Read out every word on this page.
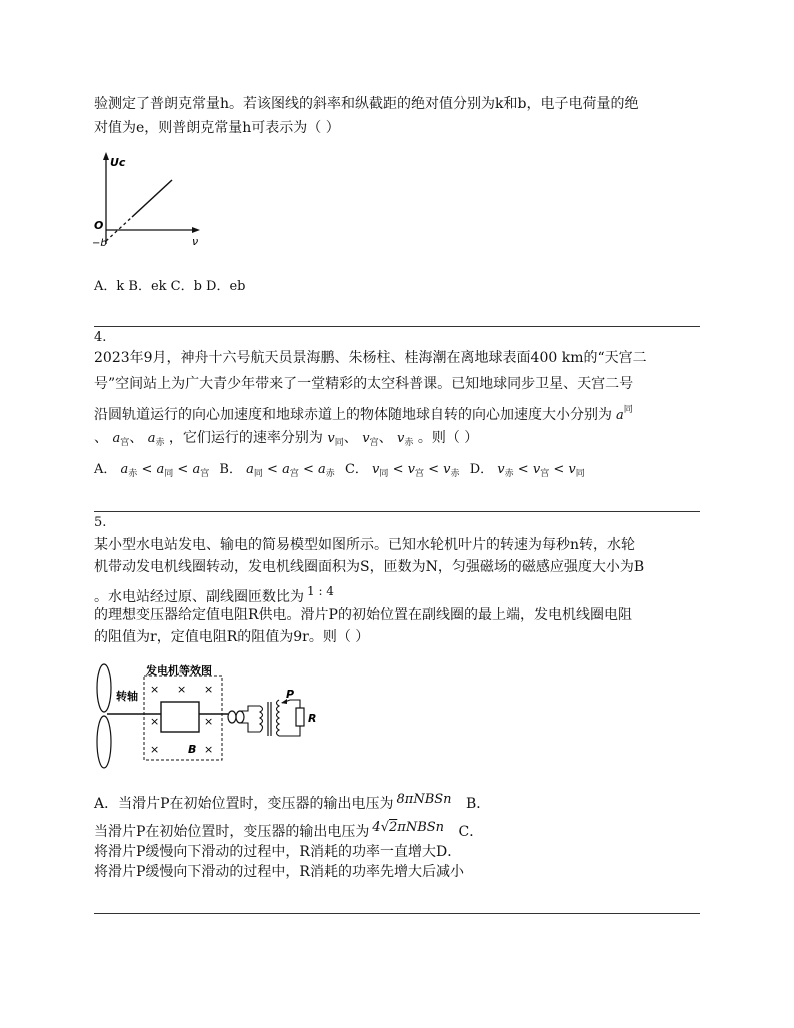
验测定了普朗克常量h。若该图线的斜率和纵截距的绝对值分别为k和b，电子电荷量的绝
对值为e，则普朗克常量h可表示为（ ）
Uc
ν
O
−b
A．k B．ek C．b D．eb
4.
2023年9月，神舟十六号航天员景海鹏、朱杨柱、桂海潮在离地球表面400 km的“天宫二
号”空间站上为广大青少年带来了一堂精彩的太空科普课。已知地球同步卫星、天宫二号
沿圆轨道运行的向心加速度和地球赤道上的物体随地球自转的向心加速度大小分别为 $a^同$
、 $a_宫$、 $a_赤$ ，它们运行的速率分别为 $v_同$、 $v_宫$、 $v_赤$ 。则（ ）
A． $a_赤 < a_同 < a_宫$ B． $a_同 < a_宫 < a_赤$ C． $v_同 < v_宫 < v_赤$ D． $v_赤 < v_宫 < v_同$
5.
某小型水电站发电、输电的简易模型如图所示。已知水轮机叶片的转速为每秒n转，水轮
机带动发电机线圈转动，发电机线圈面积为S，匝数为N，匀强磁场的磁感应强度大小为B
。水电站经过原、副线圈匝数比为 1 : 4
的理想变压器给定值电阻R供电。滑片P的初始位置在副线圈的最上端，发电机线圈电阻
的阻值为r，定值电阻R的阻值为9r。则（ ）
转轴
发电机等效图
× × ×
×	×
×	×
B
P
R
A．当滑片P在初始位置时，变压器的输出电压为 8πNBSn B．
当滑片P在初始位置时，变压器的输出电压为 4√2πNBSn C．
将滑片P缓慢向下滑动的过程中，R消耗的功率一直增大D．
将滑片P缓慢向下滑动的过程中，R消耗的功率先增大后减小
